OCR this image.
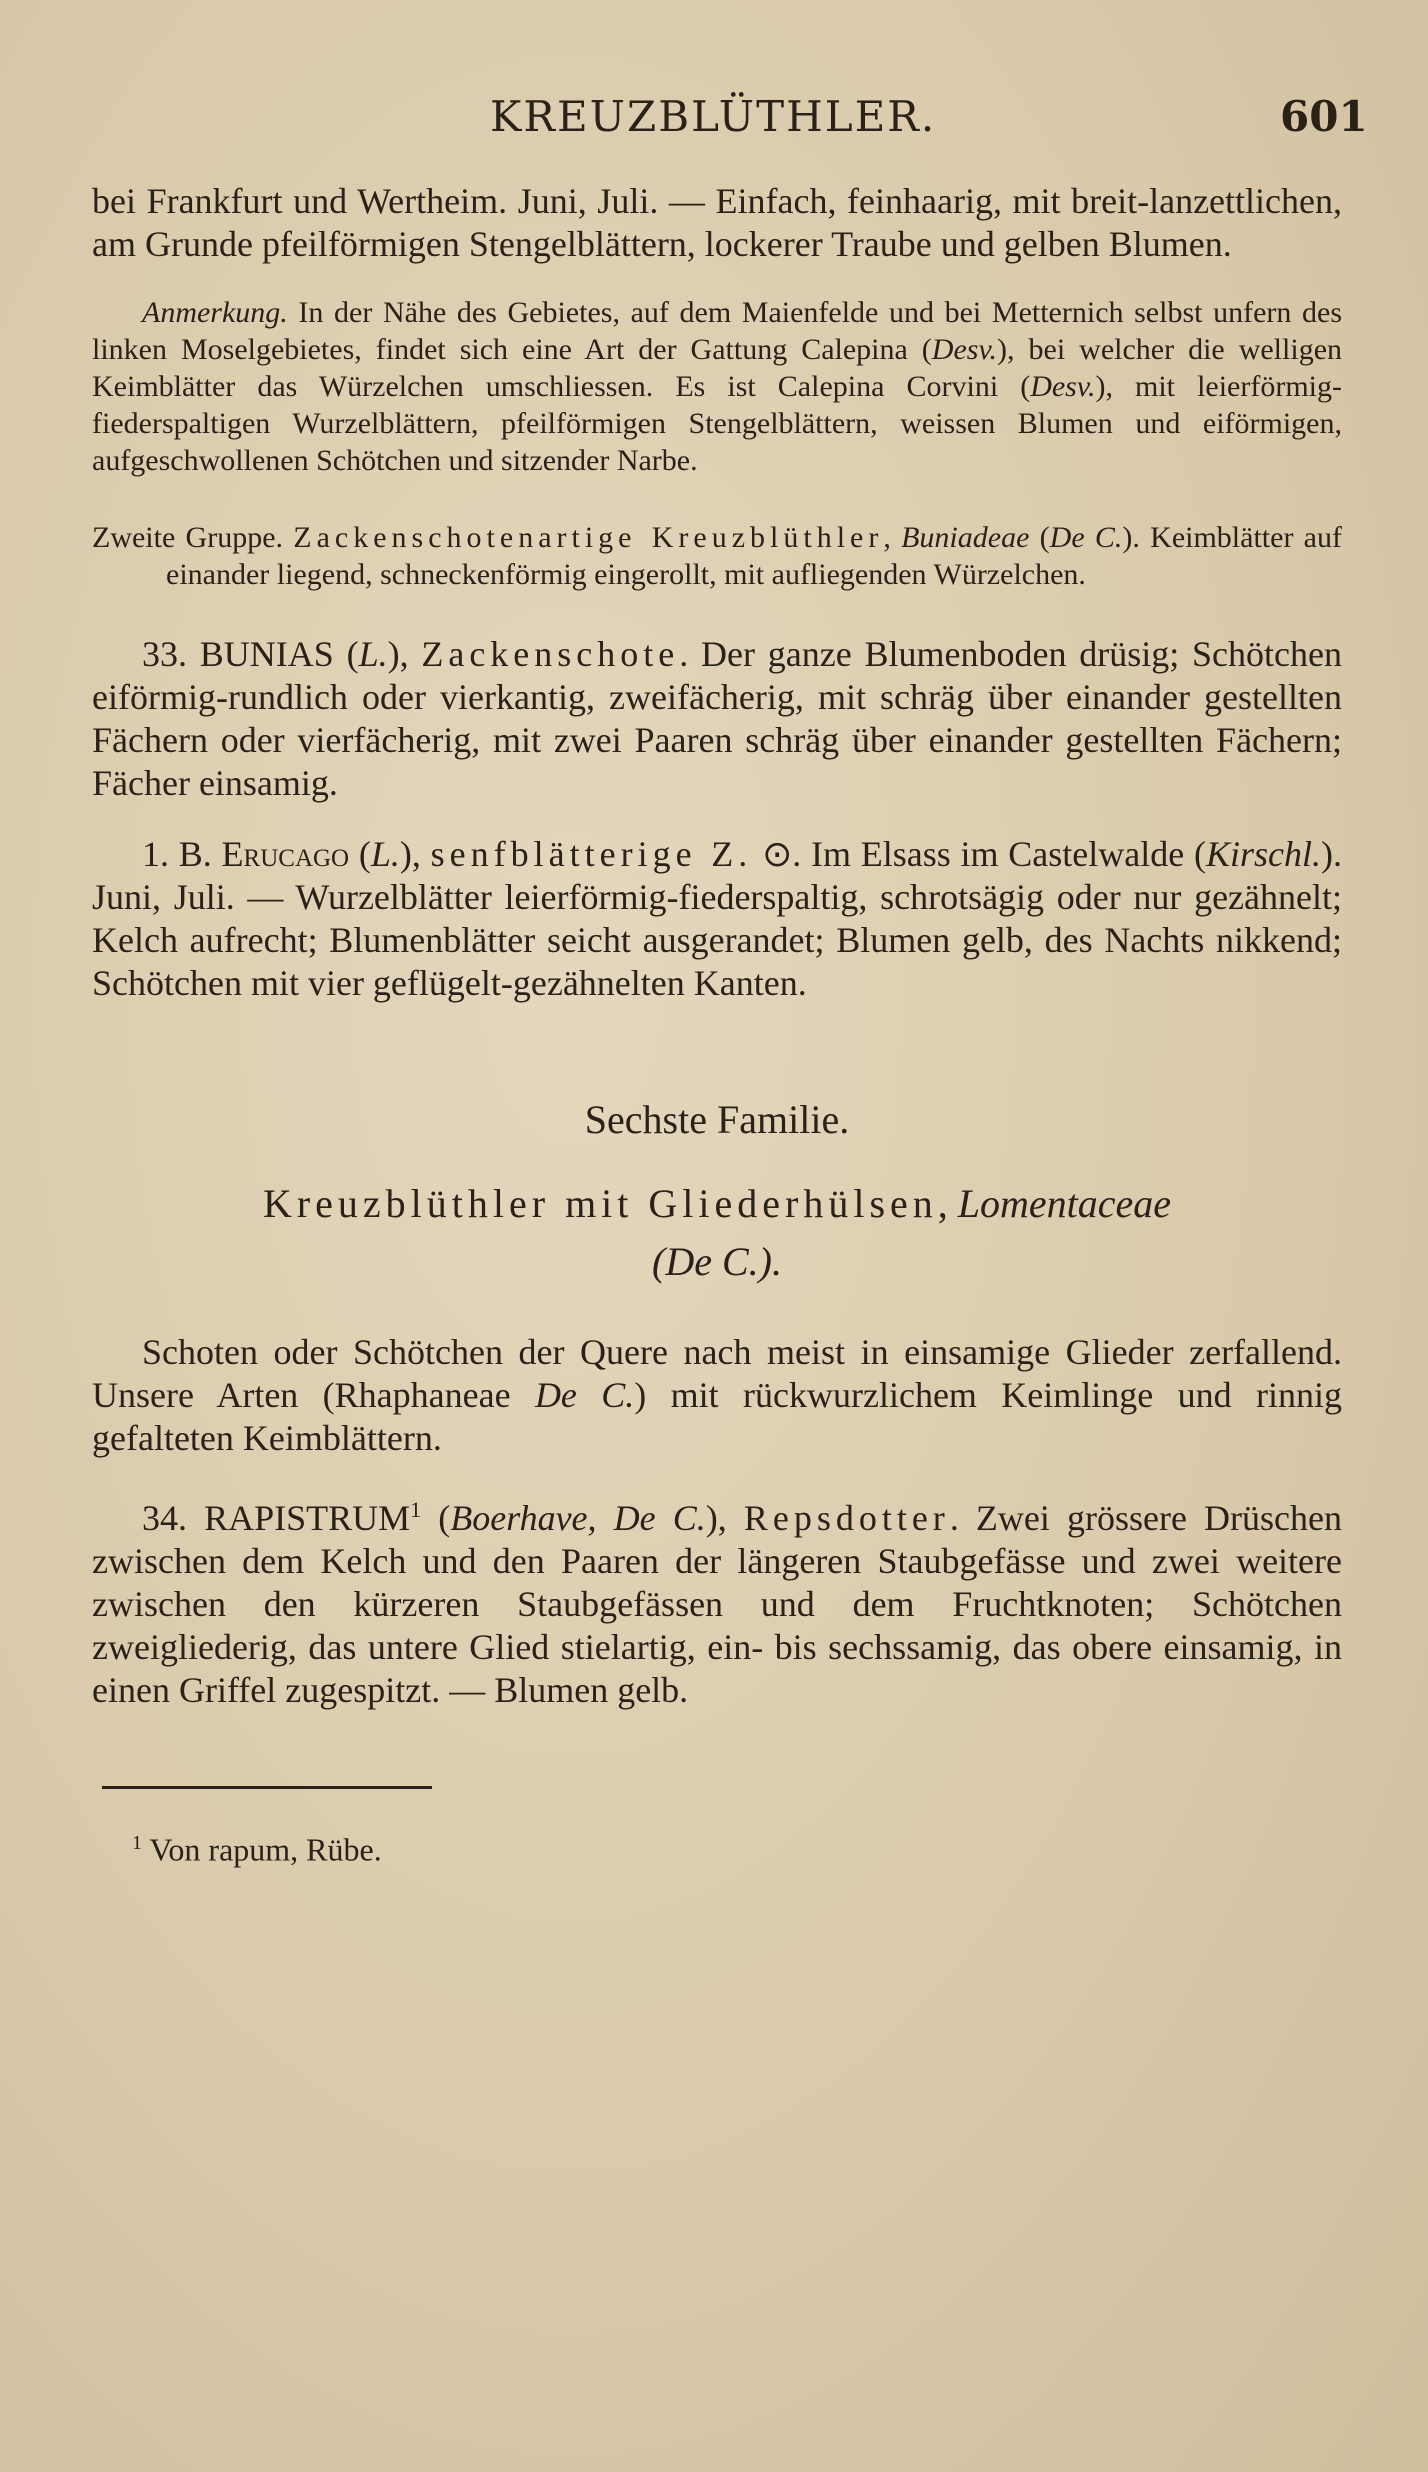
KREUZBLÜTHLER.	601

bei Frankfurt und Wertheim. Juni, Juli. — Einfach, feinhaarig, mit breit-lanzettlichen, am Grunde pfeilförmigen Stengelblättern, lockerer Traube und gelben Blumen.

Anmerkung. In der Nähe des Gebietes, auf dem Maienfelde und bei Metternich selbst unfern des linken Moselgebietes, findet sich eine Art der Gattung Calepina (Desv.), bei welcher die welligen Keimblätter das Würzelchen umschliessen. Es ist Calepina Corvini (Desv.), mit leierförmig-fiederspaltigen Wurzelblättern, pfeilförmigen Stengelblättern, weissen Blumen und eiförmigen, aufgeschwollenen Schötchen und sitzender Narbe.

Zweite Gruppe. Zackenschotenartige Kreuzblüthler, Buniadeae (De C.). Keimblätter auf einander liegend, schneckenförmig eingerollt, mit aufliegenden Würzelchen.

33. BUNIAS (L.), Zackenschote. Der ganze Blumenboden drüsig; Schötchen eiförmig-rundlich oder vierkantig, zweifächerig, mit schräg über einander gestellten Fächern oder vierfächerig, mit zwei Paaren schräg über einander gestellten Fächern; Fächer einsamig.

1. B. Erucago (L.), senfblätterige Z. ⊙. Im Elsass im Castelwalde (Kirschl.). Juni, Juli. — Wurzelblätter leierförmig-fiederspaltig, schrotsägig oder nur gezähnelt; Kelch aufrecht; Blumenblätter seicht ausgerandet; Blumen gelb, des Nachts nikkend; Schötchen mit vier geflügelt-gezähnelten Kanten.

Sechste Familie.
Kreuzblüthler mit Gliederhülsen, Lomentaceae
(De C.).

Schoten oder Schötchen der Quere nach meist in einsamige Glieder zerfallend. Unsere Arten (Rhaphaneae De C.) mit rückwurzlichem Keimlinge und rinnig gefalteten Keimblättern.

34. RAPISTRUM$^1$ (Boerhave, De C.), Repsdotter. Zwei grössere Drüschen zwischen dem Kelch und den Paaren der längeren Staubgefässe und zwei weitere zwischen den kürzeren Staubgefässen und dem Fruchtknoten; Schötchen zweigliederig, das untere Glied stielartig, ein- bis sechssamig, das obere einsamig, in einen Griffel zugespitzt. — Blumen gelb.

$^1$ Von rapum, Rübe.
